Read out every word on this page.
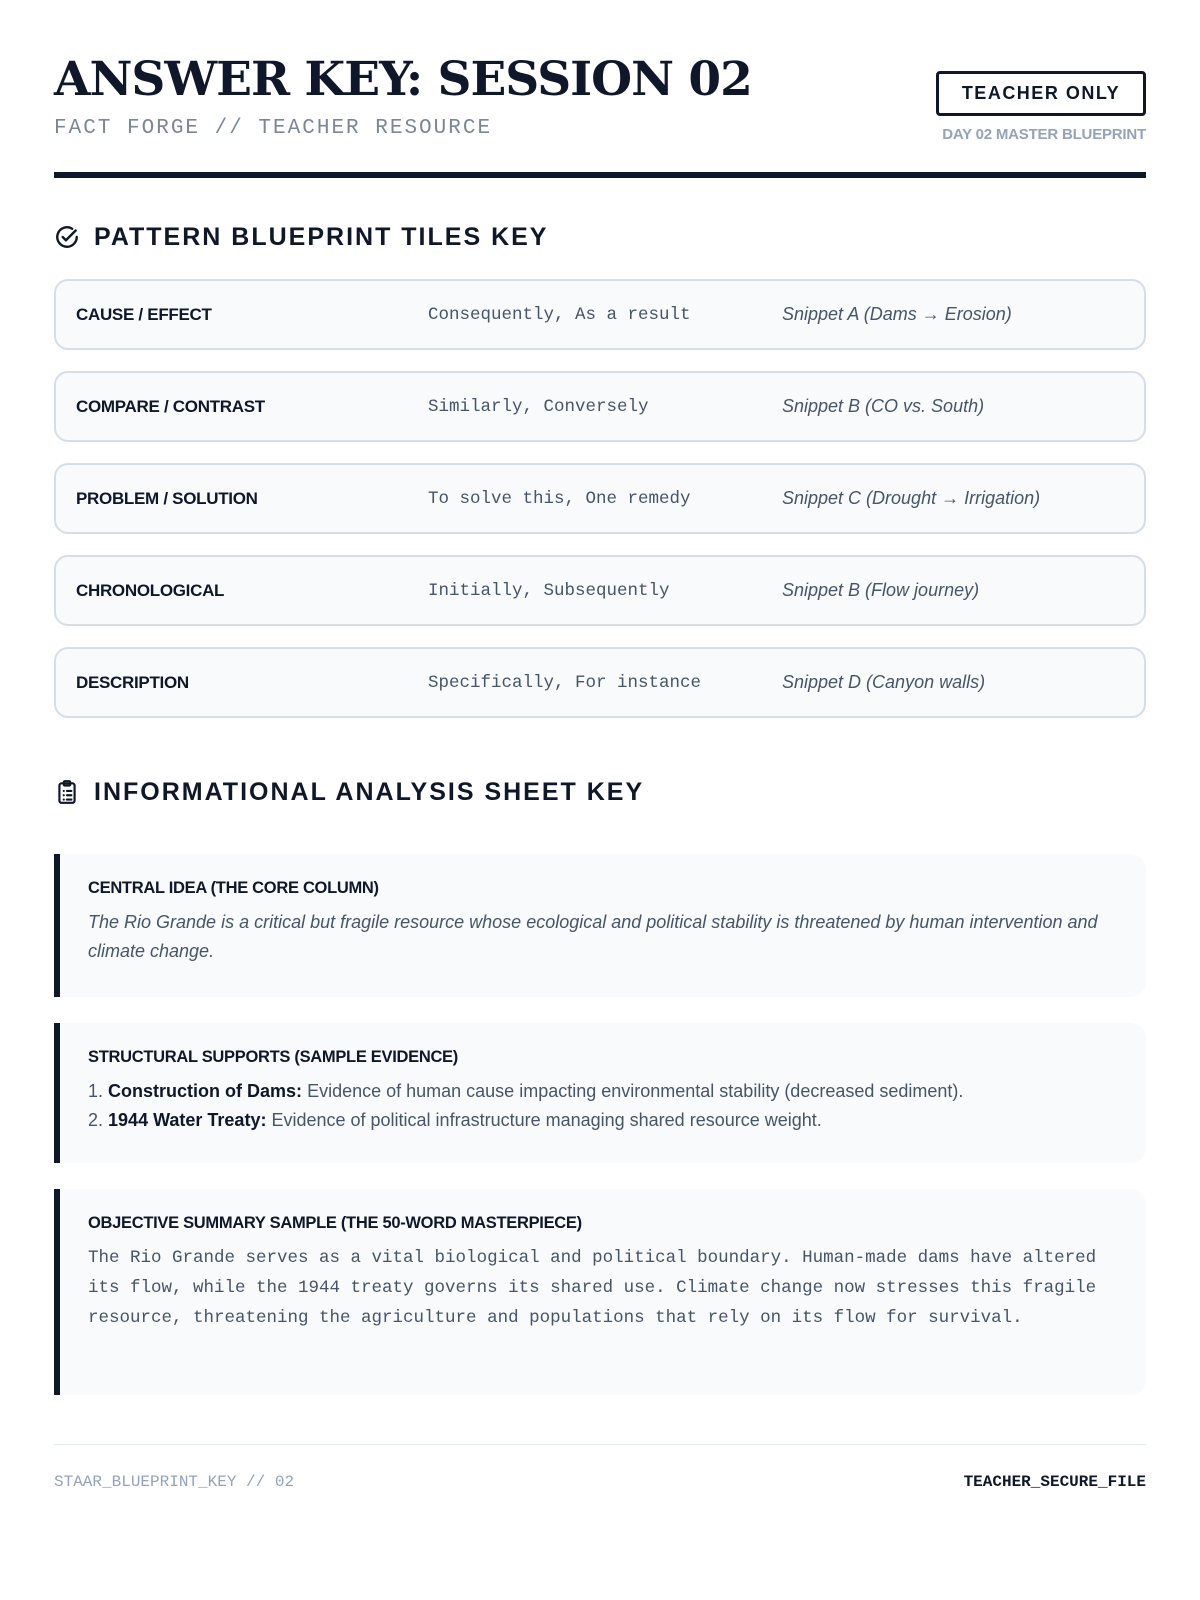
ANSWER KEY: SESSION 02
FACT FORGE // TEACHER RESOURCE
TEACHER ONLY
DAY 02 MASTER BLUEPRINT
PATTERN BLUEPRINT TILES KEY
CAUSE / EFFECT	Consequently, As a result	Snippet A (Dams → Erosion)
COMPARE / CONTRAST	Similarly, Conversely	Snippet B (CO vs. South)
PROBLEM / SOLUTION	To solve this, One remedy	Snippet C (Drought → Irrigation)
CHRONOLOGICAL	Initially, Subsequently	Snippet B (Flow journey)
DESCRIPTION	Specifically, For instance	Snippet D (Canyon walls)
INFORMATIONAL ANALYSIS SHEET KEY
CENTRAL IDEA (THE CORE COLUMN)

The Rio Grande is a critical but fragile resource whose ecological and political stability is threatened by human intervention and climate change.

STRUCTURAL SUPPORTS (SAMPLE EVIDENCE)
1. Construction of Dams: Evidence of human cause impacting environmental stability (decreased sediment).
2. 1944 Water Treaty: Evidence of political infrastructure managing shared resource weight.
OBJECTIVE SUMMARY SAMPLE (THE 50-WORD MASTERPIECE)

The Rio Grande serves as a vital biological and political boundary. Human-made dams have altered its flow, while the 1944 treaty governs its shared use. Climate change now stresses this fragile resource, threatening the agriculture and populations that rely on its flow for survival.

STAAR_BLUEPRINT_KEY // 02	TEACHER_SECURE_FILE
